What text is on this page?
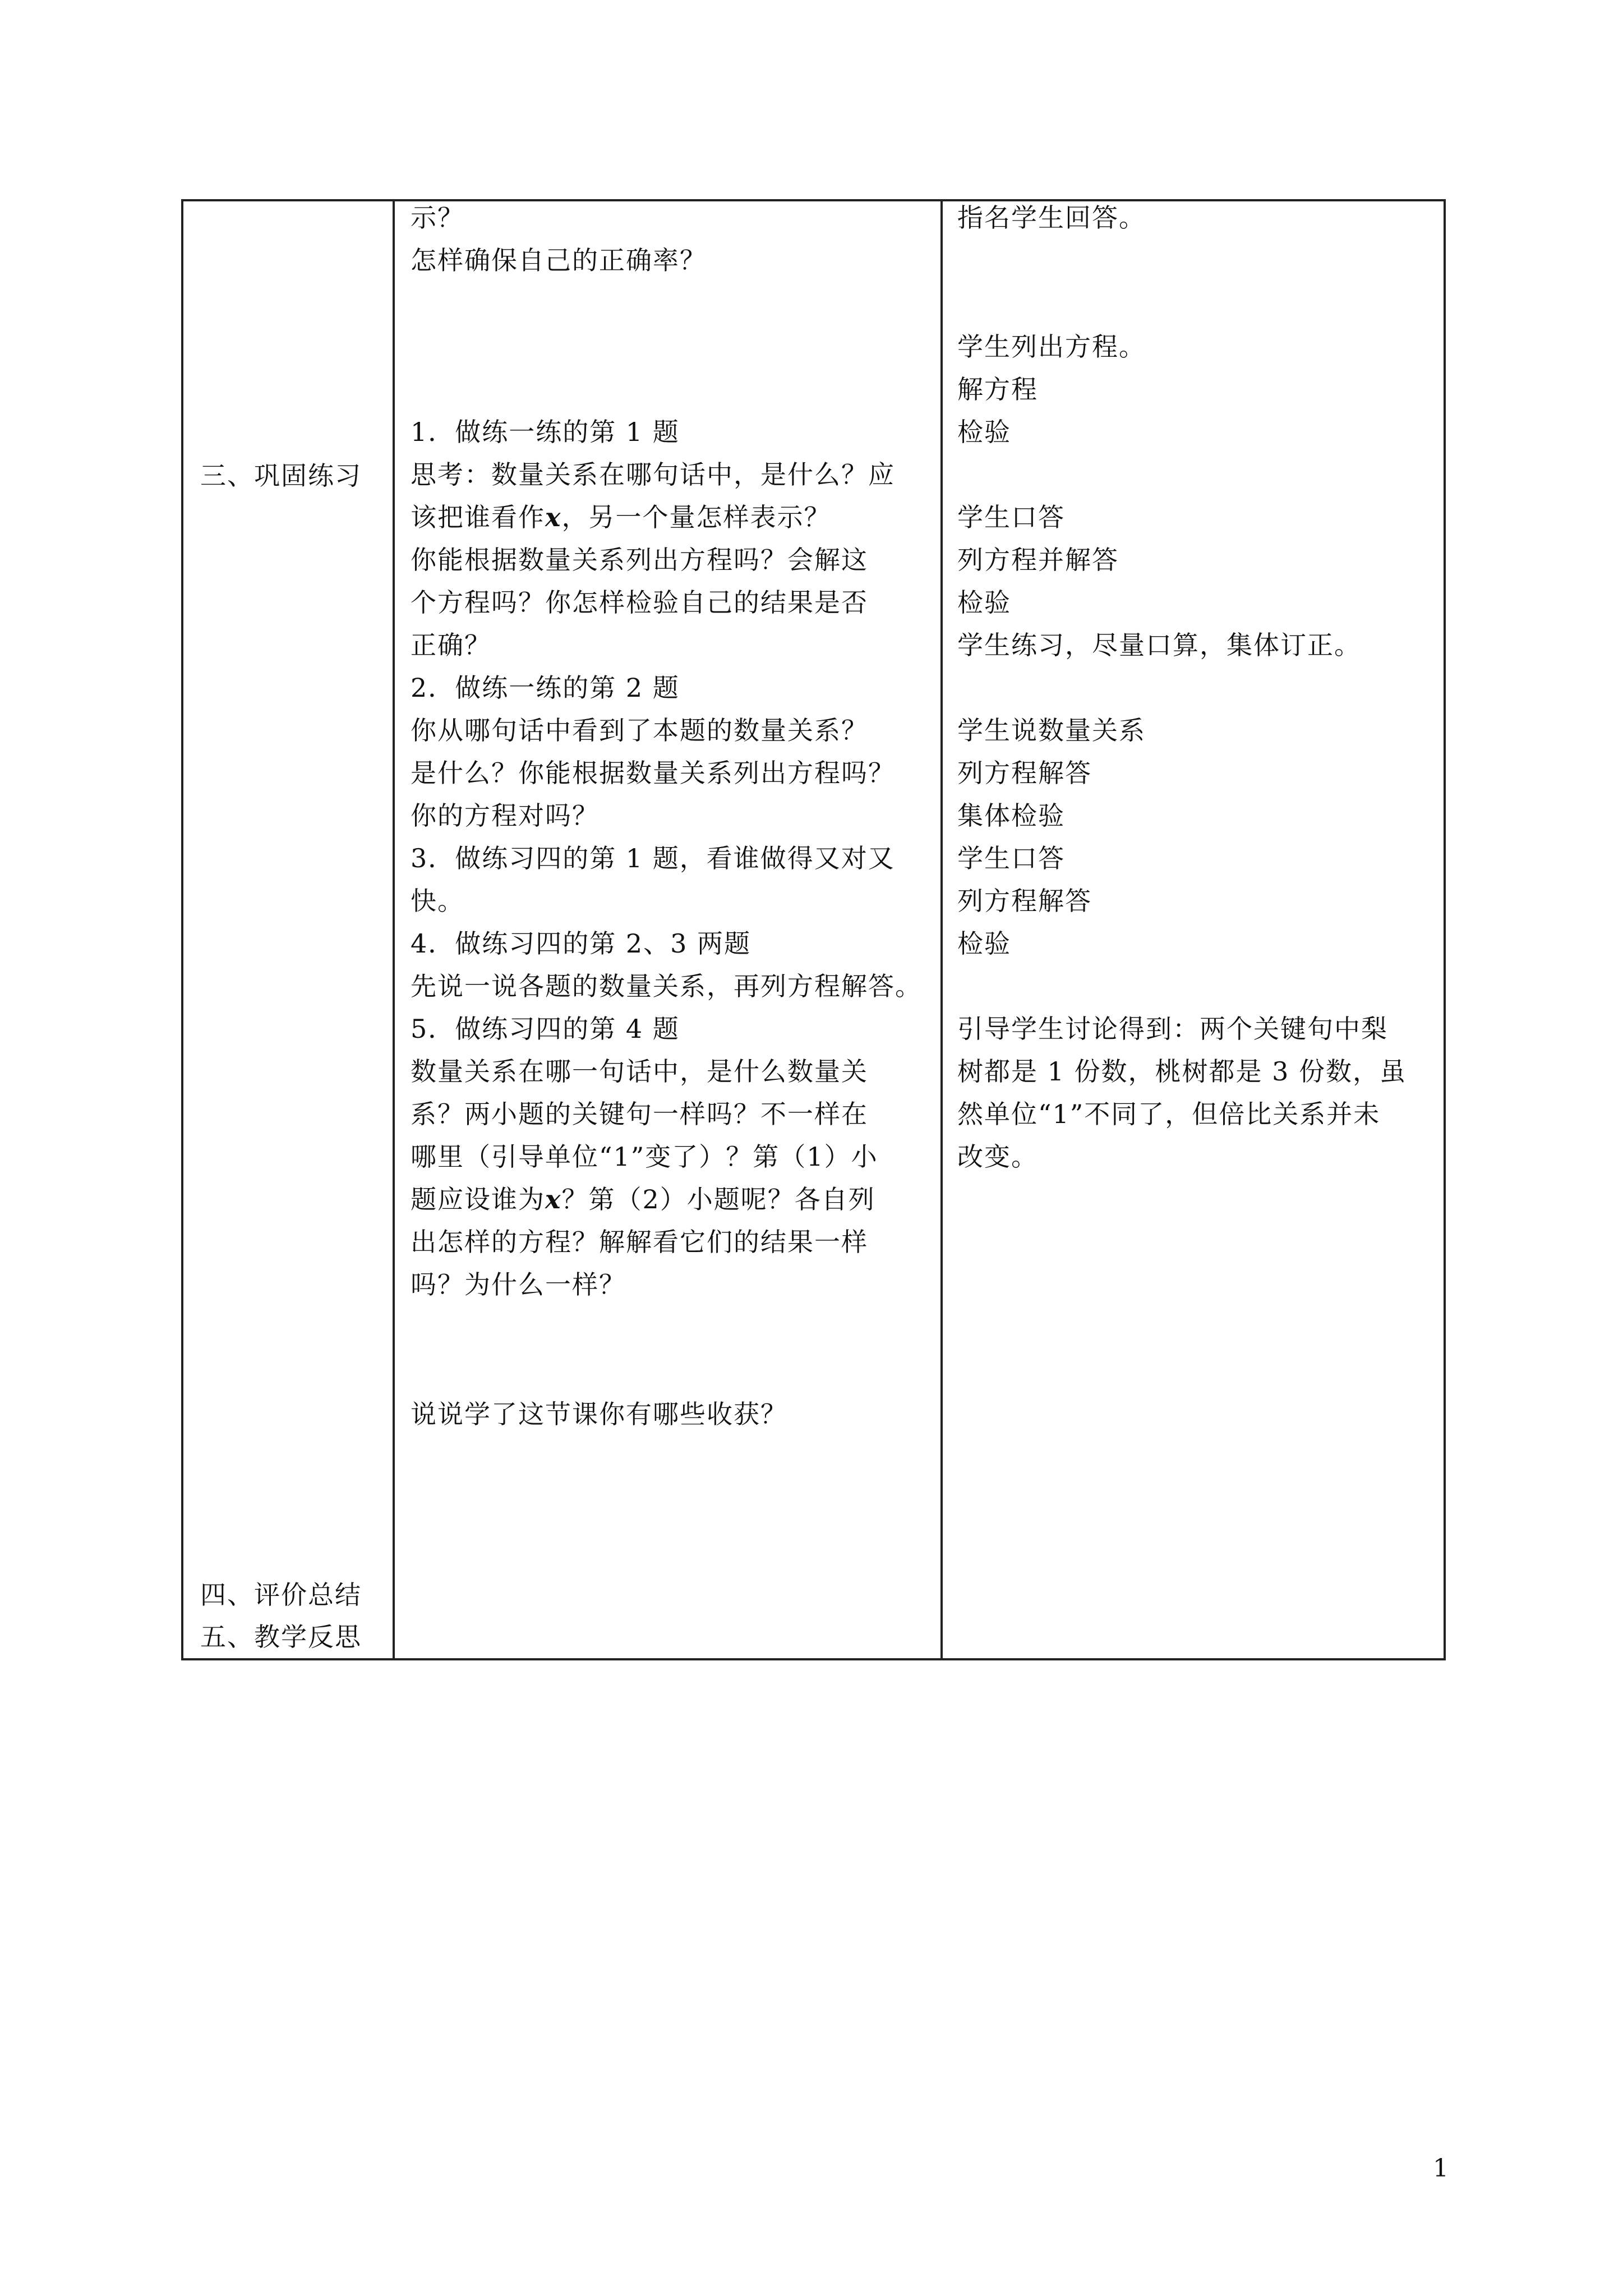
三、巩固练习
四、评价总结
五、教学反思
示？
怎样确保自己的正确率？
1．做练一练的第 1 题
思考：数量关系在哪句话中，是什么？应
该把谁看作x，另一个量怎样表示？
你能根据数量关系列出方程吗？会解这
个方程吗？你怎样检验自己的结果是否
正确？
2．做练一练的第 2 题
你从哪句话中看到了本题的数量关系？
是什么？你能根据数量关系列出方程吗？
你的方程对吗？
3．做练习四的第 1 题，看谁做得又对又
快。
4．做练习四的第 2、3 两题
先说一说各题的数量关系，再列方程解答。
5．做练习四的第 4 题
数量关系在哪一句话中，是什么数量关
系？两小题的关键句一样吗？不一样在
哪里（引导单位“1”变了）？第（1）小
题应设谁为x？第（2）小题呢？各自列
出怎样的方程？解解看它们的结果一样
吗？为什么一样？
说说学了这节课你有哪些收获？
指名学生回答。
学生列出方程。
解方程
检验
学生口答
列方程并解答
检验
学生练习，尽量口算，集体订正。
学生说数量关系
列方程解答
集体检验
学生口答
列方程解答
检验
引导学生讨论得到：两个关键句中梨
树都是 1 份数，桃树都是 3 份数，虽
然单位“1”不同了，但倍比关系并未
改变。
1
